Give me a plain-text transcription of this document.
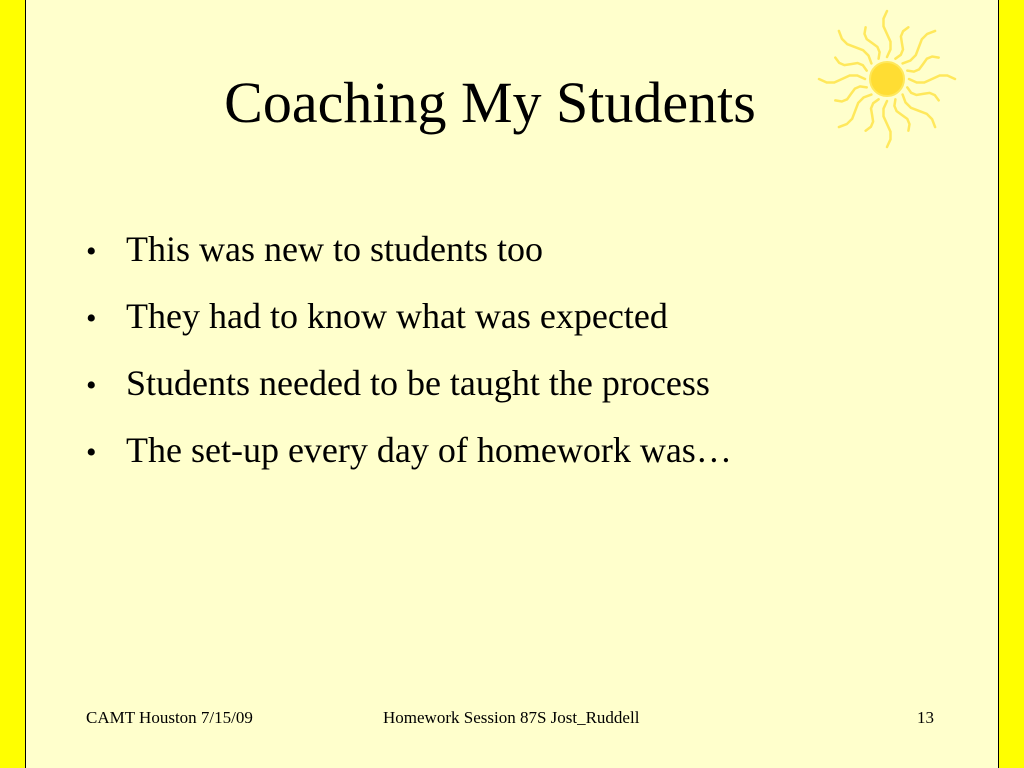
Coaching My Students
• This was new to students too
• They had to know what was expected
• Students needed to be taught the process
• The set-up every day of homework was…

CAMT Houston 7/15/09	Homework Session 87S Jost_Ruddell	13
